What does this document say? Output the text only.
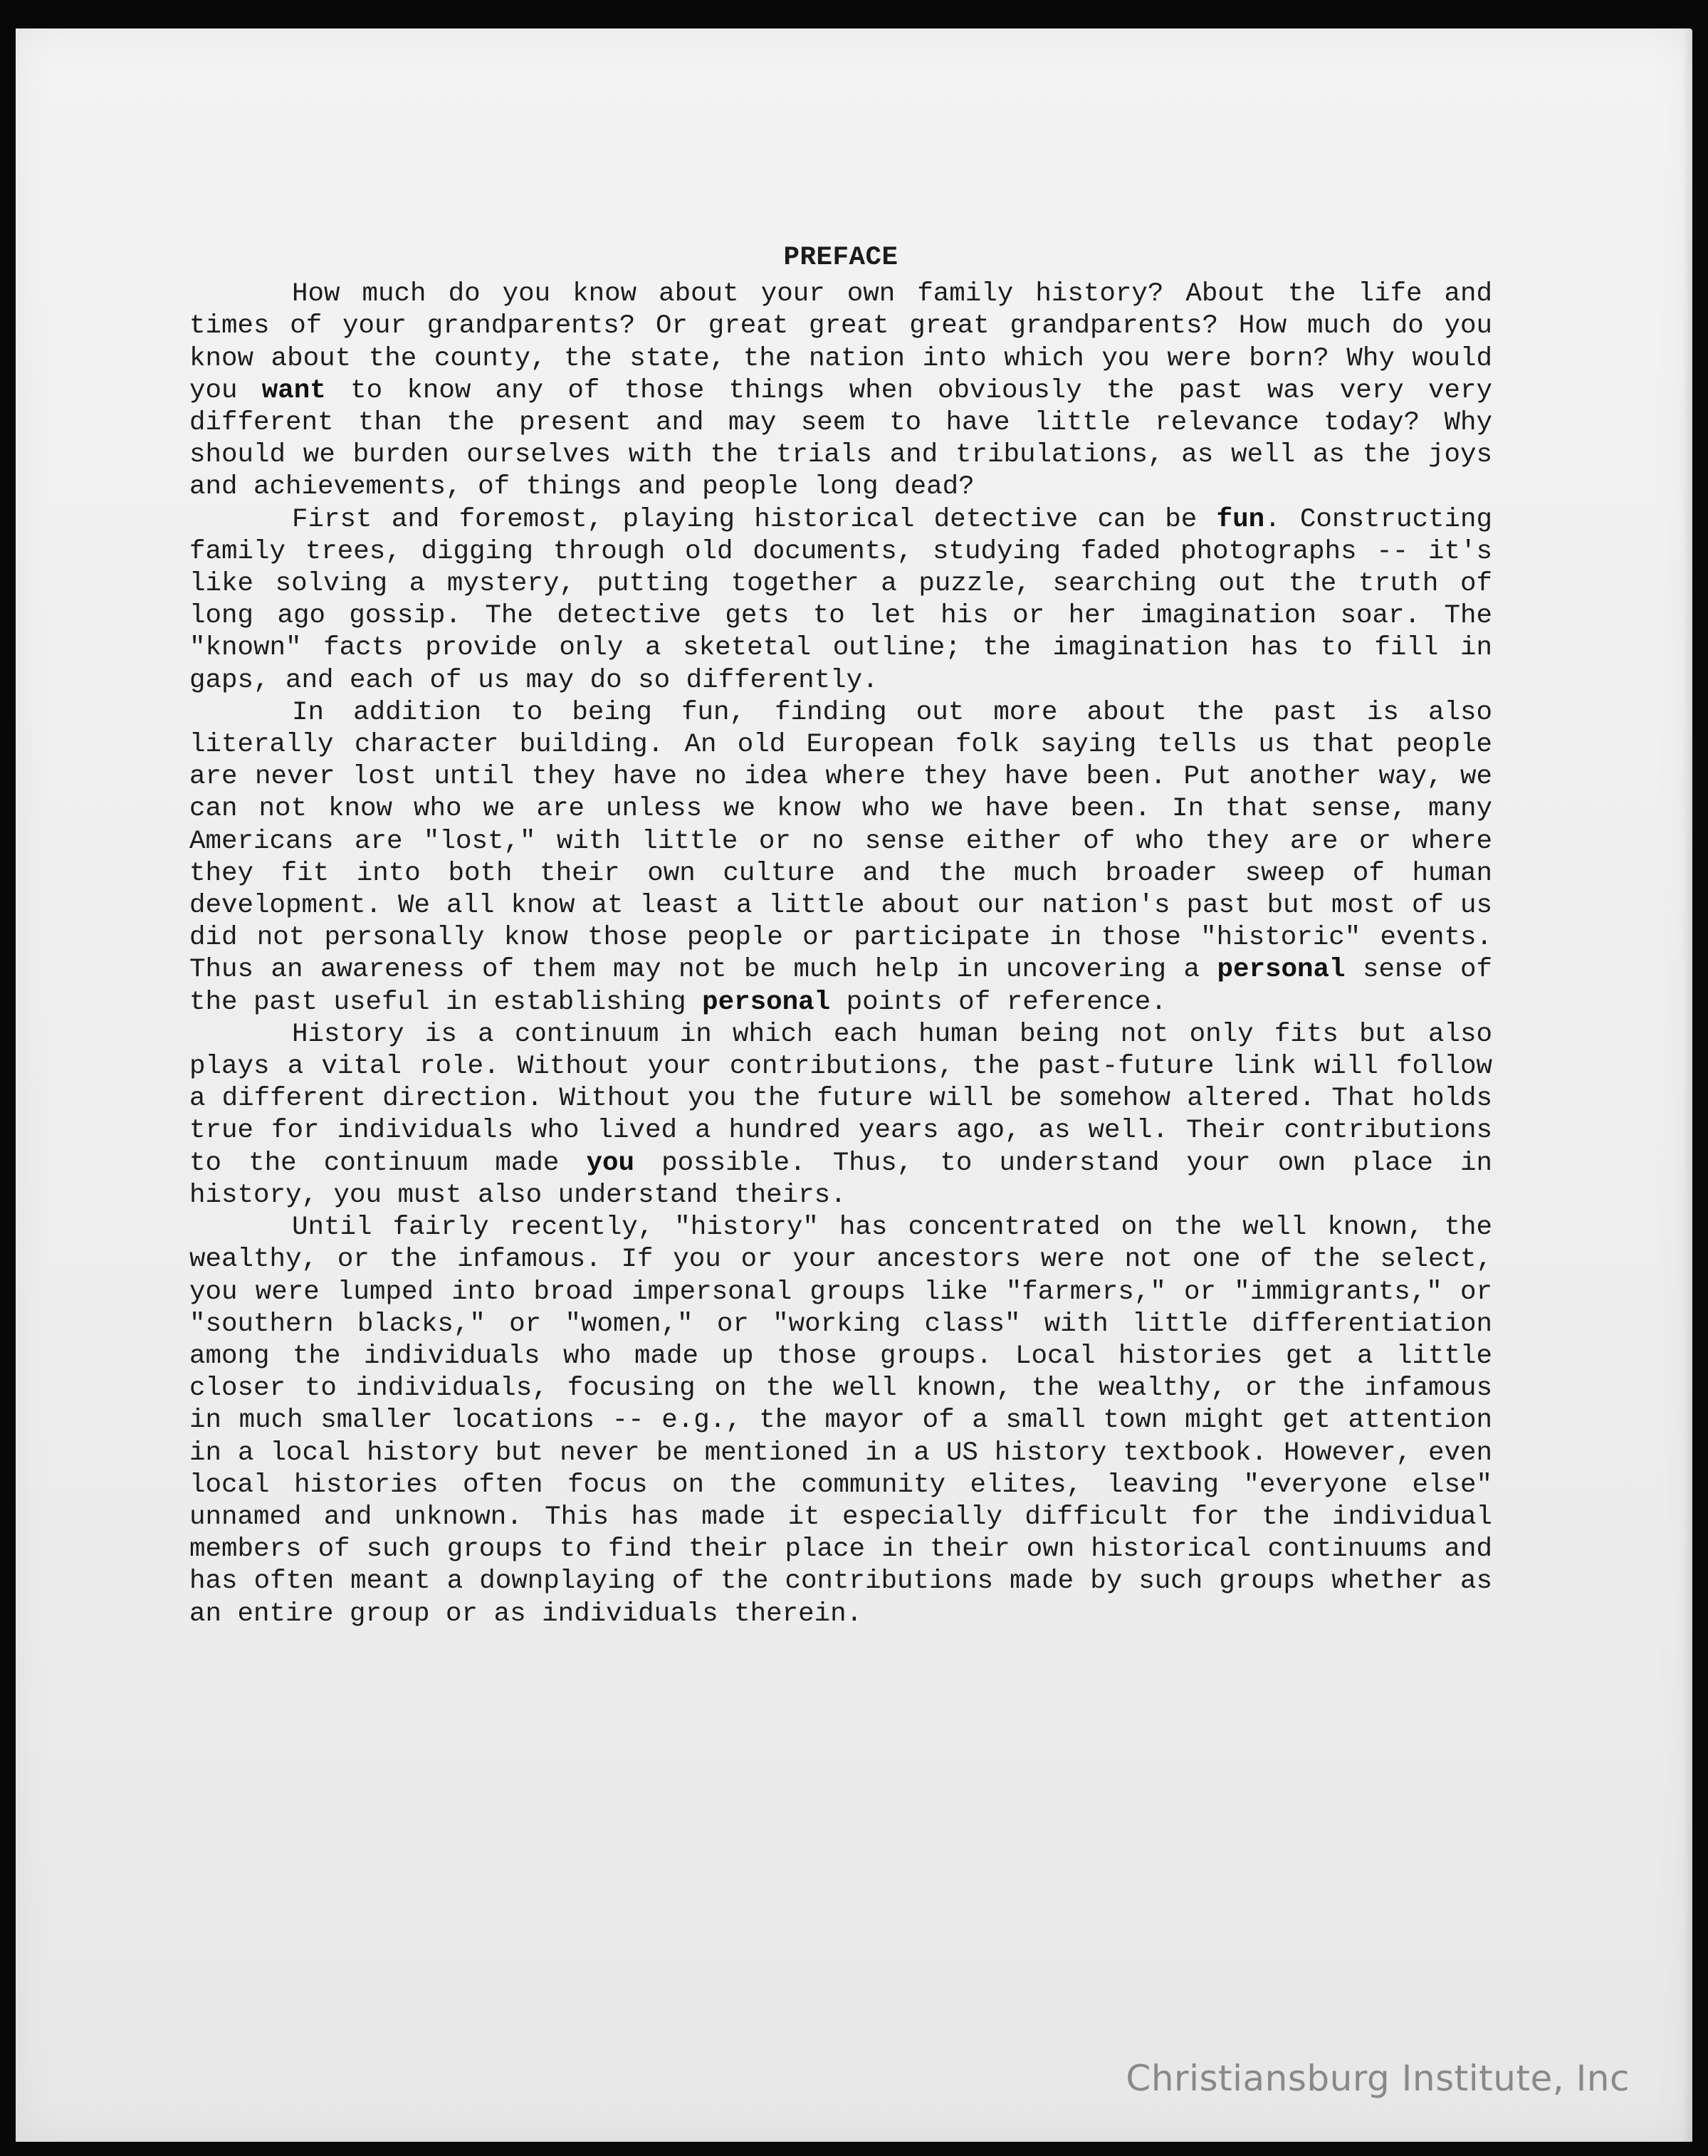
PREFACE

How much do you know about your own family history? About the life and times of your grandparents? Or great great great grandparents? How much do you know about the county, the state, the nation into which you were born? Why would you want to know any of those things when obviously the past was very very different than the present and may seem to have little relevance today? Why should we burden ourselves with the trials and tribulations, as well as the joys and achievements, of things and people long dead?

First and foremost, playing historical detective can be fun. Constructing family trees, digging through old documents, studying faded photographs -- it's like solving a mystery, putting together a puzzle, searching out the truth of long ago gossip. The detective gets to let his or her imagination soar. The "known" facts provide only a sketetal outline; the imagination has to fill in gaps, and each of us may do so differently.

In addition to being fun, finding out more about the past is also literally character building. An old European folk saying tells us that people are never lost until they have no idea where they have been. Put another way, we can not know who we are unless we know who we have been. In that sense, many Americans are "lost," with little or no sense either of who they are or where they fit into both their own culture and the much broader sweep of human development. We all know at least a little about our nation's past but most of us did not personally know those people or participate in those "historic" events. Thus an awareness of them may not be much help in uncovering a personal sense of the past useful in establishing personal points of reference.

History is a continuum in which each human being not only fits but also plays a vital role. Without your contributions, the past-future link will follow a different direction. Without you the future will be somehow altered. That holds true for individuals who lived a hundred years ago, as well. Their contributions to the continuum made you possible. Thus, to understand your own place in history, you must also understand theirs.

Until fairly recently, "history" has concentrated on the well known, the wealthy, or the infamous. If you or your ancestors were not one of the select, you were lumped into broad impersonal groups like "farmers," or "immigrants," or "southern blacks," or "women," or "working class" with little differentiation among the individuals who made up those groups. Local histories get a little closer to individuals, focusing on the well known, the wealthy, or the infamous in much smaller locations -- e.g., the mayor of a small town might get attention in a local history but never be mentioned in a US history textbook. However, even local histories often focus on the community elites, leaving "everyone else" unnamed and unknown. This has made it especially difficult for the individual members of such groups to find their place in their own historical continuums and has often meant a downplaying of the contributions made by such groups whether as an entire group or as individuals therein.

Christiansburg Institute, Inc
